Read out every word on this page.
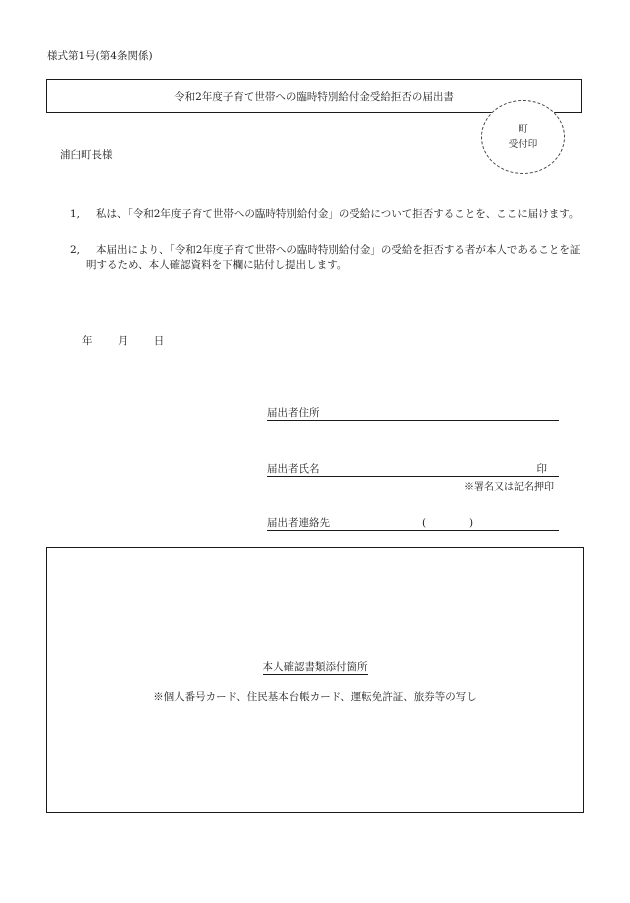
様式第1号(第4条関係)
令和2年度子育て世帯への臨時特別給付金受給拒否の届出書
町
受付印
浦臼町長様
1,	私は、「令和2年度子育て世帯への臨時特別給付金」の受給について拒否することを、ここに届けます。
2,	本届出により、「令和2年度子育て世帯への臨時特別給付金」の受給を拒否する者が本人であることを証明するため、本人確認資料を下欄に貼付し提出します。
年 月 日
届出者住所
届出者氏名	印
※署名又は記名押印
届出者連絡先	(	)
本人確認書類添付箇所
※個人番号カード、住民基本台帳カード、運転免許証、旅券等の写し
